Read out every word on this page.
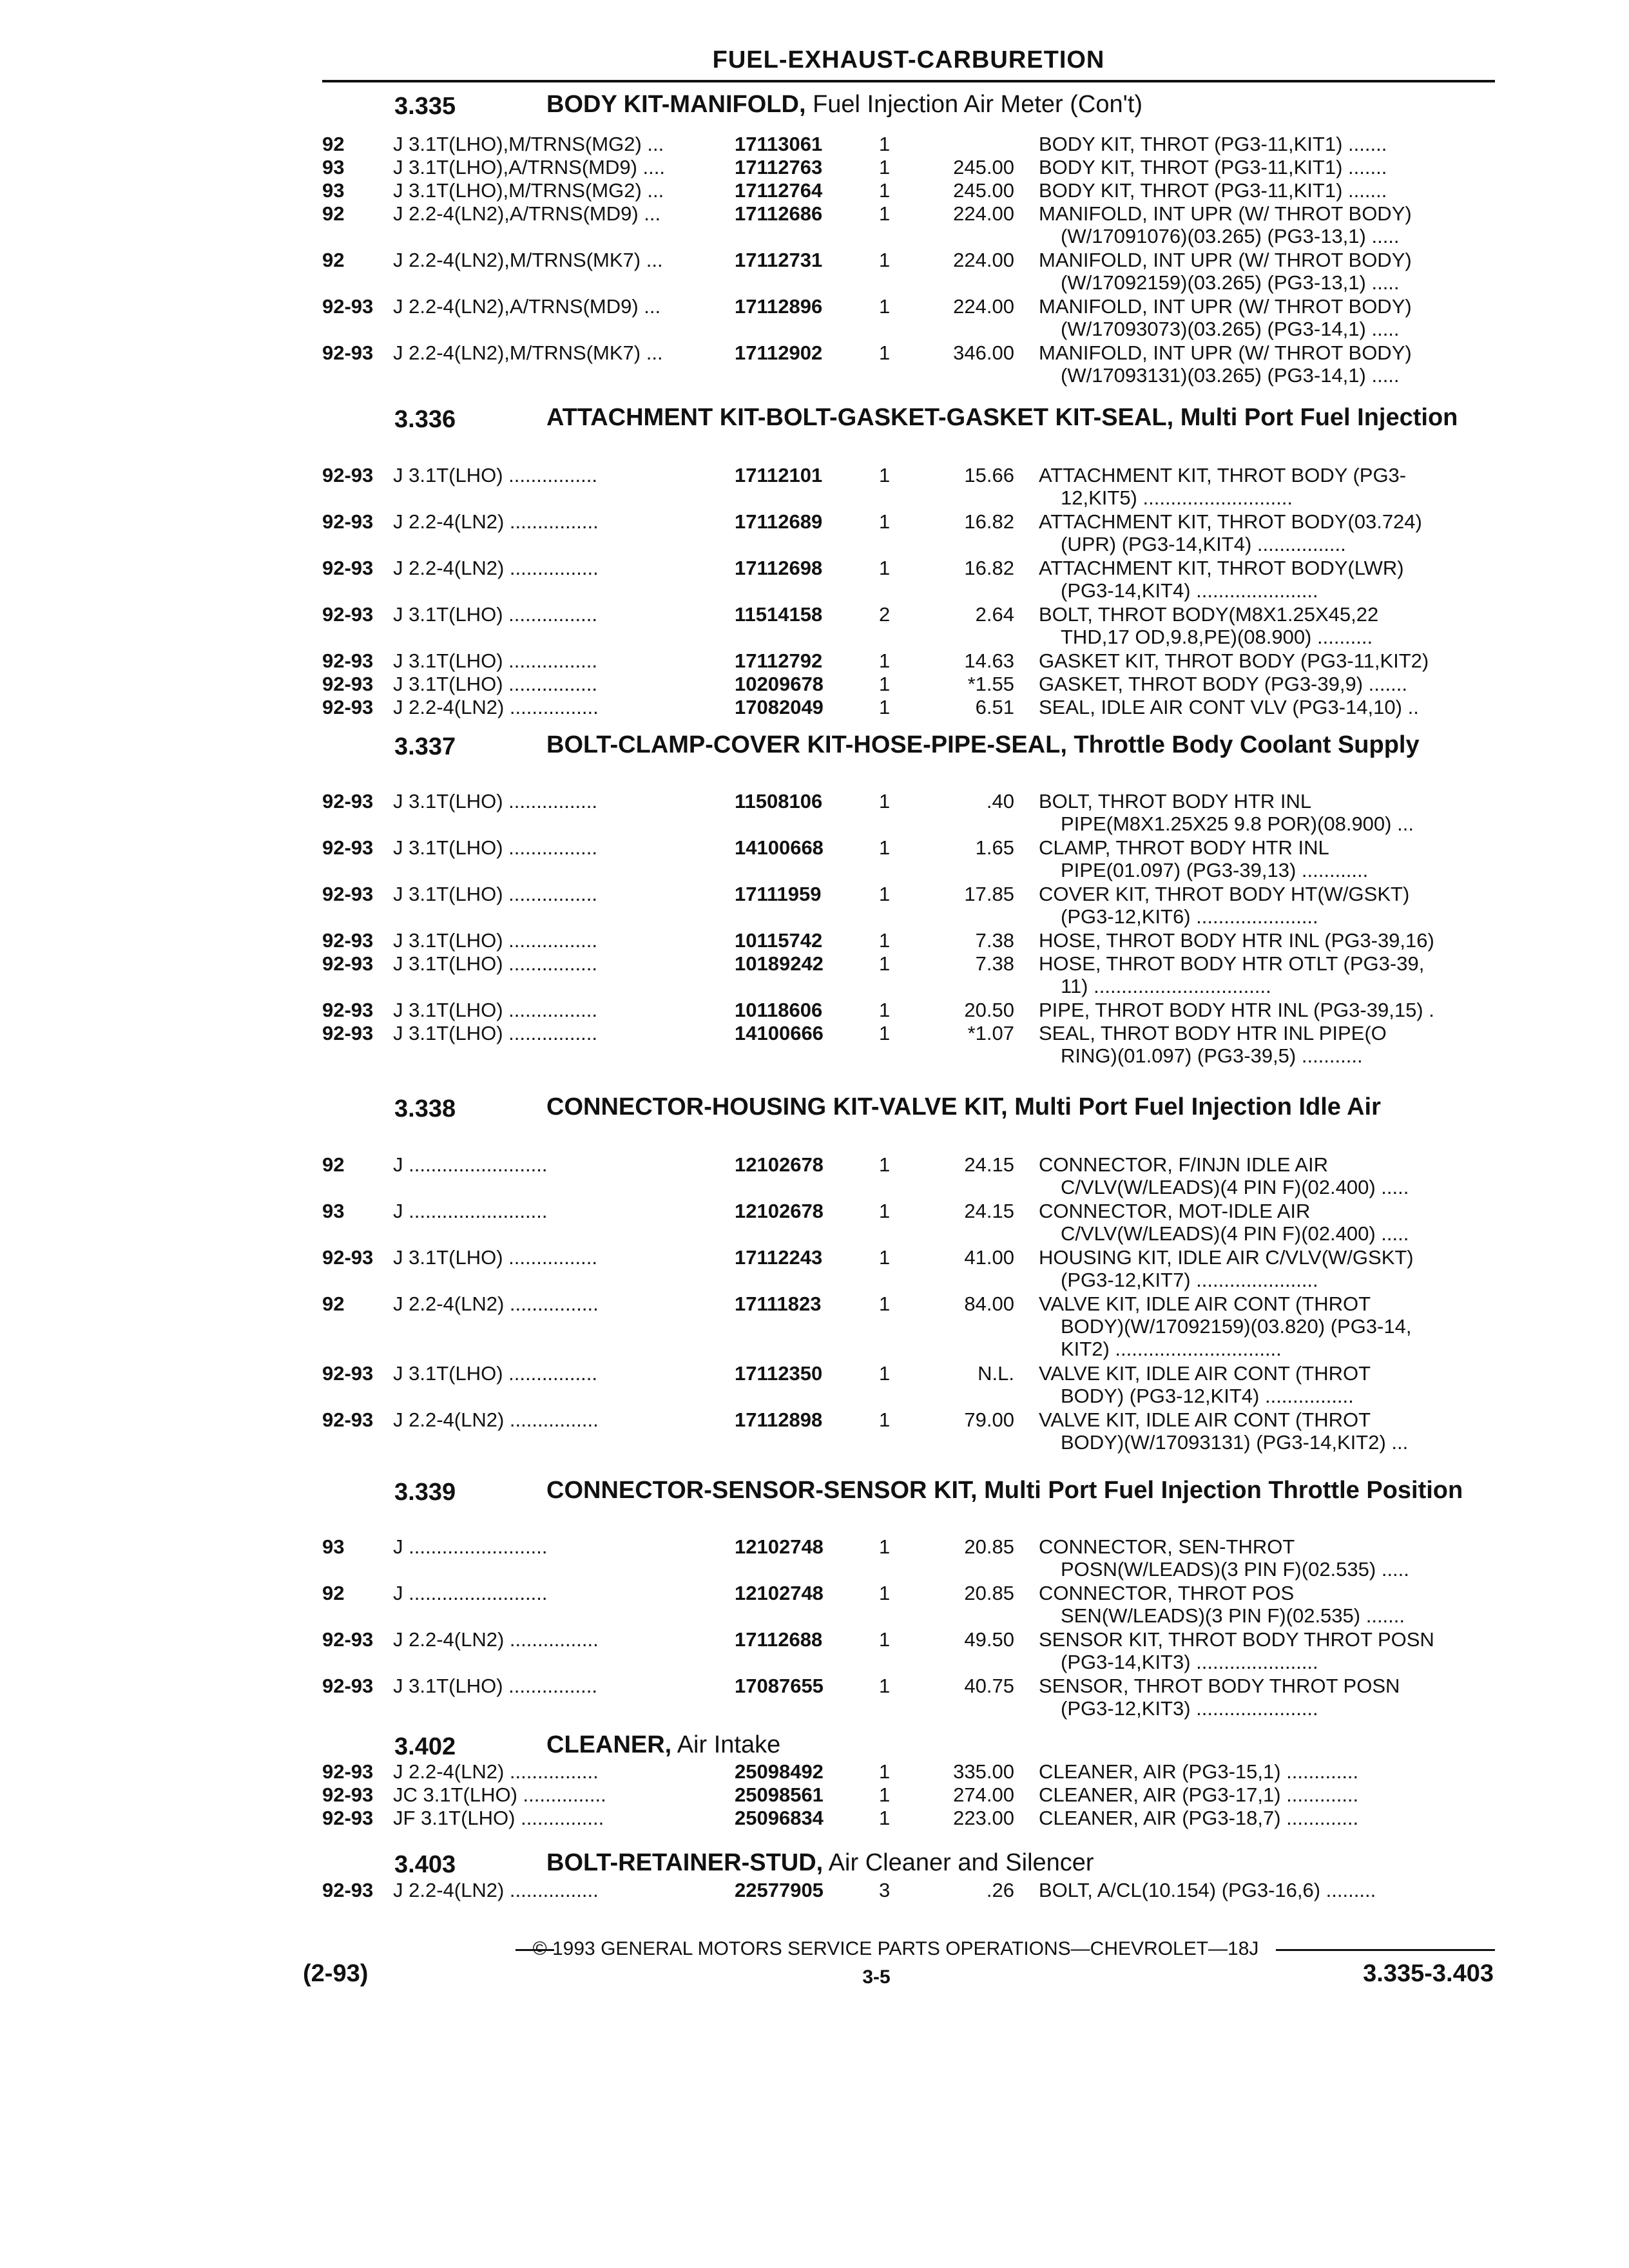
FUEL-EXHAUST-CARBURETION
3.335	BODY KIT-MANIFOLD, Fuel Injection Air Meter (Con't)
92 J 3.1T(LHO),M/TRNS(MG2) ...	17113061	1	BODY KIT, THROT (PG3-11,KIT1) .......
93 J 3.1T(LHO),A/TRNS(MD9) ....	17112763	1	245.00 BODY KIT, THROT (PG3-11,KIT1) .......
93 J 3.1T(LHO),M/TRNS(MG2) ...	17112764	1	245.00 BODY KIT, THROT (PG3-11,KIT1) .......
92 J 2.2-4(LN2),A/TRNS(MD9) ...	17112686	1	224.00 MANIFOLD, INT UPR (W/ THROT BODY)
(W/17091076)(03.265) (PG3-13,1) .....
92 J 2.2-4(LN2),M/TRNS(MK7) ...	17112731	1	224.00 MANIFOLD, INT UPR (W/ THROT BODY)
(W/17092159)(03.265) (PG3-13,1) .....
92-93 J 2.2-4(LN2),A/TRNS(MD9) ...	17112896	1	224.00 MANIFOLD, INT UPR (W/ THROT BODY)
(W/17093073)(03.265) (PG3-14,1) .....
92-93 J 2.2-4(LN2),M/TRNS(MK7) ...	17112902	1	346.00 MANIFOLD, INT UPR (W/ THROT BODY)
(W/17093131)(03.265) (PG3-14,1) .....
3.336	ATTACHMENT KIT-BOLT-GASKET-GASKET KIT-SEAL, Multi Port Fuel Injection
92-93 J 3.1T(LHO) ................	17112101	1	15.66 ATTACHMENT KIT, THROT BODY (PG3-
12,KIT5) ...........................
92-93 J 2.2-4(LN2) ................	17112689	1	16.82 ATTACHMENT KIT, THROT BODY(03.724)
(UPR) (PG3-14,KIT4) ................
92-93 J 2.2-4(LN2) ................	17112698	1	16.82 ATTACHMENT KIT, THROT BODY(LWR)
(PG3-14,KIT4) ......................
92-93 J 3.1T(LHO) ................	11514158	2	2.64 BOLT, THROT BODY(M8X1.25X45,22
THD,17 OD,9.8,PE)(08.900) ..........
92-93 J 3.1T(LHO) ................	17112792	1	14.63 GASKET KIT, THROT BODY (PG3-11,KIT2)
92-93 J 3.1T(LHO) ................	10209678	1	*1.55 GASKET, THROT BODY (PG3-39,9) .......
92-93 J 2.2-4(LN2) ................	17082049	1	6.51 SEAL, IDLE AIR CONT VLV (PG3-14,10) ..
3.337	BOLT-CLAMP-COVER KIT-HOSE-PIPE-SEAL, Throttle Body Coolant Supply
92-93 J 3.1T(LHO) ................	11508106	1	.40 BOLT, THROT BODY HTR INL
PIPE(M8X1.25X25 9.8 POR)(08.900) ...
92-93 J 3.1T(LHO) ................	14100668	1	1.65 CLAMP, THROT BODY HTR INL
PIPE(01.097) (PG3-39,13) ............
92-93 J 3.1T(LHO) ................	17111959	1	17.85 COVER KIT, THROT BODY HT(W/GSKT)
(PG3-12,KIT6) ......................
92-93 J 3.1T(LHO) ................	10115742	1	7.38 HOSE, THROT BODY HTR INL (PG3-39,16)
92-93 J 3.1T(LHO) ................	10189242	1	7.38 HOSE, THROT BODY HTR OTLT (PG3-39,
11) ................................
92-93 J 3.1T(LHO) ................	10118606	1	20.50 PIPE, THROT BODY HTR INL (PG3-39,15) .
92-93 J 3.1T(LHO) ................	14100666	1	*1.07 SEAL, THROT BODY HTR INL PIPE(O
RING)(01.097) (PG3-39,5) ...........
3.338	CONNECTOR-HOUSING KIT-VALVE KIT, Multi Port Fuel Injection Idle Air
92 J .........................	12102678	1	24.15 CONNECTOR, F/INJN IDLE AIR
C/VLV(W/LEADS)(4 PIN F)(02.400) .....
93 J .........................	12102678	1	24.15 CONNECTOR, MOT-IDLE AIR
C/VLV(W/LEADS)(4 PIN F)(02.400) .....
92-93 J 3.1T(LHO) ................	17112243	1	41.00 HOUSING KIT, IDLE AIR C/VLV(W/GSKT)
(PG3-12,KIT7) ......................
92 J 2.2-4(LN2) ................	17111823	1	84.00 VALVE KIT, IDLE AIR CONT (THROT
BODY)(W/17092159)(03.820) (PG3-14,
KIT2) ..............................
92-93 J 3.1T(LHO) ................	17112350	1	N.L. VALVE KIT, IDLE AIR CONT (THROT
BODY) (PG3-12,KIT4) ................
92-93 J 2.2-4(LN2) ................	17112898	1	79.00 VALVE KIT, IDLE AIR CONT (THROT
BODY)(W/17093131) (PG3-14,KIT2) ...
3.339	CONNECTOR-SENSOR-SENSOR KIT, Multi Port Fuel Injection Throttle Position
93 J .........................	12102748	1	20.85 CONNECTOR, SEN-THROT
POSN(W/LEADS)(3 PIN F)(02.535) .....
92 J .........................	12102748	1	20.85 CONNECTOR, THROT POS
SEN(W/LEADS)(3 PIN F)(02.535) .......
92-93 J 2.2-4(LN2) ................	17112688	1	49.50 SENSOR KIT, THROT BODY THROT POSN
(PG3-14,KIT3) ......................
92-93 J 3.1T(LHO) ................	17087655	1	40.75 SENSOR, THROT BODY THROT POSN
(PG3-12,KIT3) ......................
3.402	CLEANER, Air Intake
92-93 J 2.2-4(LN2) ................	25098492	1	335.00 CLEANER, AIR (PG3-15,1) .............
92-93 JC 3.1T(LHO) ...............	25098561	1	274.00 CLEANER, AIR (PG3-17,1) .............
92-93 JF 3.1T(LHO) ...............	25096834	1	223.00 CLEANER, AIR (PG3-18,7) .............
3.403	BOLT-RETAINER-STUD, Air Cleaner and Silencer
92-93 J 2.2-4(LN2) ................	22577905	3	.26 BOLT, A/CL(10.154) (PG3-16,6) .........
© 1993 GENERAL MOTORS SERVICE PARTS OPERATIONS—CHEVROLET—18J
(2-93)	3-5	3.335-3.403
